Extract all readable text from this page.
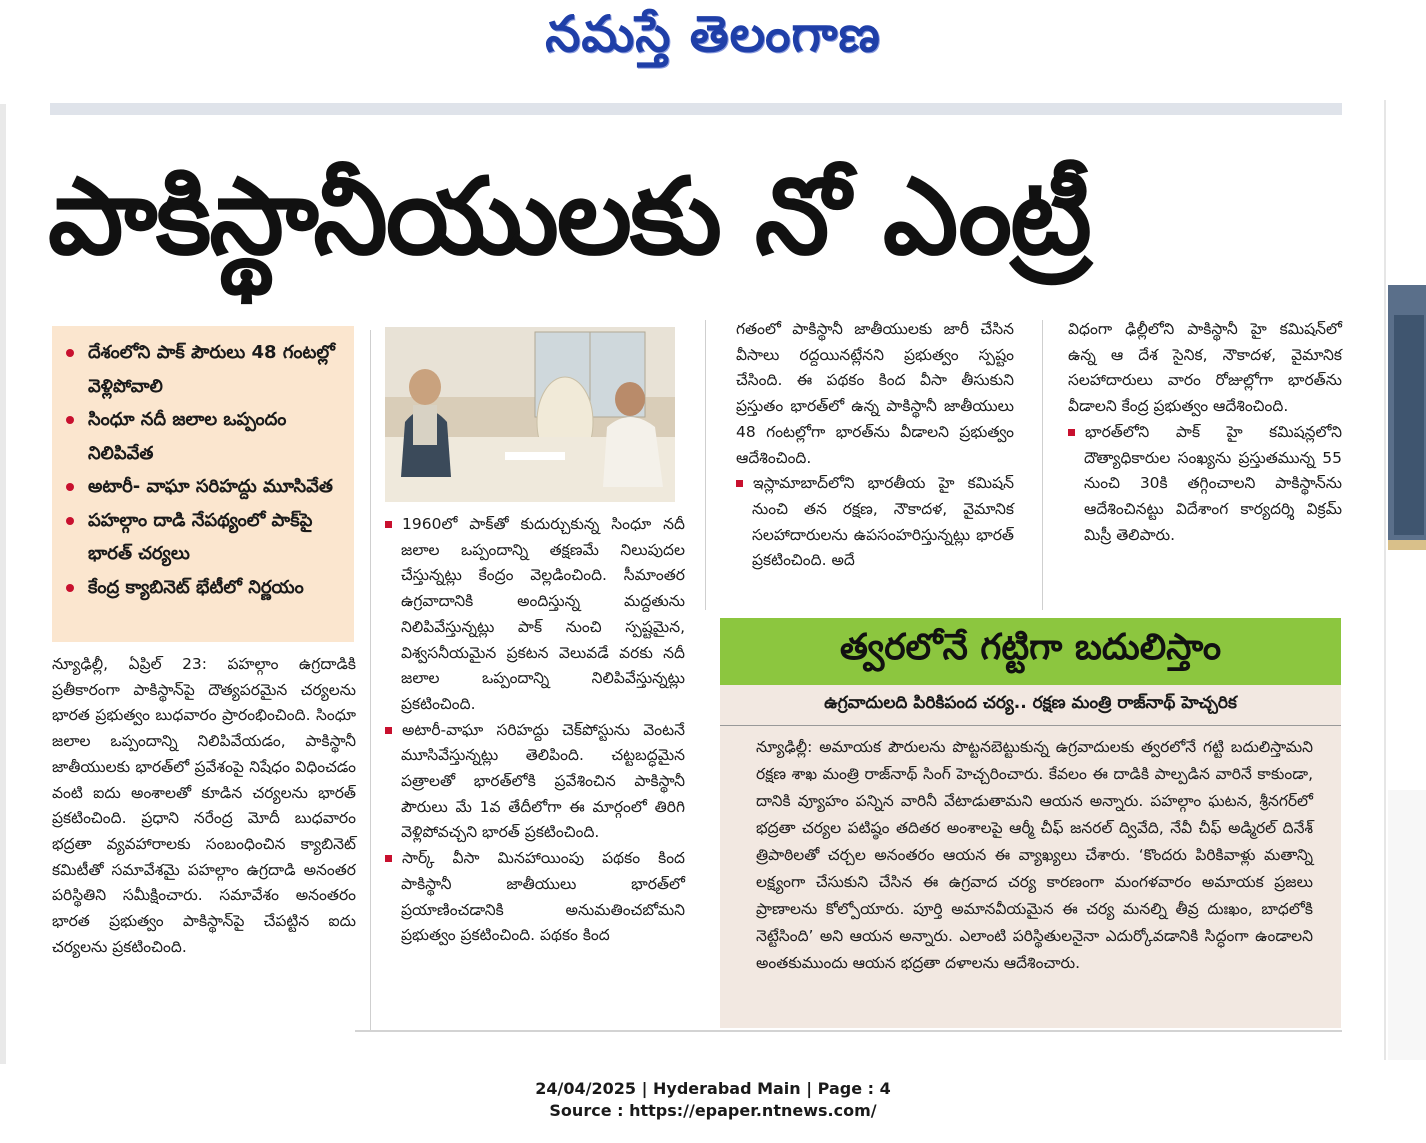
నమస్తే తెలంగాణ
పాకిస్థానీయులకు నో ఎంట్రీ
దేశంలోని పాక్ పౌరులు 48 గంటల్లో వెళ్లిపోవాలి
సింధూ నదీ జలాల ఒప్పందం నిలిపివేత
అటారీ- వాఘా సరిహద్దు మూసివేత
పహల్గాం దాడి నేపథ్యంలో పాక్‌పై భారత్ చర్యలు
కేంద్ర క్యాబినెట్ భేటీలో నిర్ణయం

న్యూఢిల్లీ, ఏప్రిల్ 23: పహల్గాం ఉగ్రదాడికి ప్రతీకారంగా పాకిస్థాన్‌పై దౌత్యపరమైన చర్యలను భారత ప్రభుత్వం బుధవారం ప్రారంభించింది. సింధూ జలాల ఒప్పందాన్ని నిలిపివేయడం, పాకిస్థానీ జాతీయులకు భారత్‌లో ప్రవేశంపై నిషేధం విధించడం వంటి ఐదు అంశాలతో కూడిన చర్యలను భారత్ ప్రకటించింది. ప్రధాని నరేంద్ర మోదీ బుధవారం భద్రతా వ్యవహారాలకు సంబంధించిన క్యాబినెట్ కమిటీతో సమావేశమై పహల్గాం ఉగ్రదాడి అనంతర పరిస్థితిని సమీక్షించారు. సమావేశం అనంతరం భారత ప్రభుత్వం పాకిస్థాన్‌పై చేపట్టిన ఐదు చర్యలను ప్రకటించింది.

1960లో పాక్‌తో కుదుర్చుకున్న సింధూ నదీ జలాల ఒప్పందాన్ని తక్షణమే నిలుపుదల చేస్తున్నట్లు కేంద్రం వెల్లడించింది. సీమాంతర ఉగ్రవాదానికి అందిస్తున్న మద్దతును నిలిపివేస్తున్నట్లు పాక్ నుంచి స్పష్టమైన, విశ్వసనీయమైన ప్రకటన వెలువడే వరకు నదీ జలాల ఒప్పందాన్ని నిలిపివేస్తున్నట్లు ప్రకటించింది.

అటారీ-వాఘా సరిహద్దు చెక్‌పోస్టును వెంటనే మూసివేస్తున్నట్లు తెలిపింది. చట్టబద్ధమైన పత్రాలతో భారత్‌లోకి ప్రవేశించిన పాకిస్థానీ పౌరులు మే 1వ తేదీలోగా ఈ మార్గంలో తిరిగి వెళ్లిపోవచ్చని భారత్ ప్రకటించింది.

సార్క్ వీసా మినహాయింపు పథకం కింద పాకిస్థానీ జాతీయులు భారత్‌లో ప్రయాణించడానికి అనుమతించబోమని ప్రభుత్వం ప్రకటించింది. పథకం కింద

గతంలో పాకిస్థానీ జాతీయులకు జారీ చేసిన వీసాలు రద్దయినట్లేనని ప్రభుత్వం స్పష్టం చేసింది. ఈ పథకం కింద వీసా తీసుకుని ప్రస్తుతం భారత్‌లో ఉన్న పాకిస్థానీ జాతీయులు 48 గంటల్లోగా భారత్‌ను వీడాలని ప్రభుత్వం ఆదేశించింది.

ఇస్లామాబాద్‌లోని భారతీయ హై కమిషన్ నుంచి తన రక్షణ, నౌకాదళ, వైమానిక సలహాదారులను ఉపసంహరిస్తున్నట్లు భారత్ ప్రకటించింది. అదే

విధంగా ఢిల్లీలోని పాకిస్థానీ హై కమిషన్‌లో ఉన్న ఆ దేశ సైనిక, నౌకాదళ, వైమానిక సలహాదారులు వారం రోజుల్లోగా భారత్‌ను వీడాలని కేంద్ర ప్రభుత్వం ఆదేశించింది.

భారత్‌లోని పాక్ హై కమిషన్లలోని దౌత్యాధికారుల సంఖ్యను ప్రస్తుతమున్న 55 నుంచి 30కి తగ్గించాలని పాకిస్థాన్‌ను ఆదేశించినట్టు విదేశాంగ కార్యదర్శి విక్రమ్ మిస్రీ తెలిపారు.

త్వరలోనే గట్టిగా బదులిస్తాం
ఉగ్రవాదులది పిరికిపంద చర్య.. రక్షణ మంత్రి రాజ్‌నాథ్ హెచ్చరిక
న్యూఢిల్లీ: అమాయక పౌరులను పొట్టనబెట్టుకున్న ఉగ్రవాదులకు త్వరలోనే గట్టి బదులిస్తామని రక్షణ శాఖ మంత్రి రాజ్‌నాథ్ సింగ్ హెచ్చరించారు. కేవలం ఈ దాడికి పాల్పడిన వారినే కాకుండా, దానికి వ్యూహం పన్నిన వారినీ వేటాడుతామని ఆయన అన్నారు. పహల్గాం ఘటన, శ్రీనగర్‌లో భద్రతా చర్యల పటిష్ఠం తదితర అంశాలపై ఆర్మీ చీఫ్ జనరల్ ద్వివేది, నేవీ చీఫ్ అడ్మిరల్ దినేశ్ త్రిపాఠిలతో చర్చల అనంతరం ఆయన ఈ వ్యాఖ్యలు చేశారు. ‘కొందరు పిరికివాళ్లు మతాన్ని లక్ష్యంగా చేసుకుని చేసిన ఈ ఉగ్రవాద చర్య కారణంగా మంగళవారం అమాయక ప్రజలు ప్రాణాలను కోల్పోయారు. పూర్తి అమానవీయమైన ఈ చర్య మనల్ని తీవ్ర దుఃఖం, బాధలోకి నెట్టేసింది’ అని ఆయన అన్నారు. ఎలాంటి పరిస్థితులనైనా ఎదుర్కోవడానికి సిద్ధంగా ఉండాలని అంతకుముందు ఆయన భద్రతా దళాలను ఆదేశించారు.
24/04/2025 | Hyderabad Main | Page : 4
Source : https://epaper.ntnews.com/
